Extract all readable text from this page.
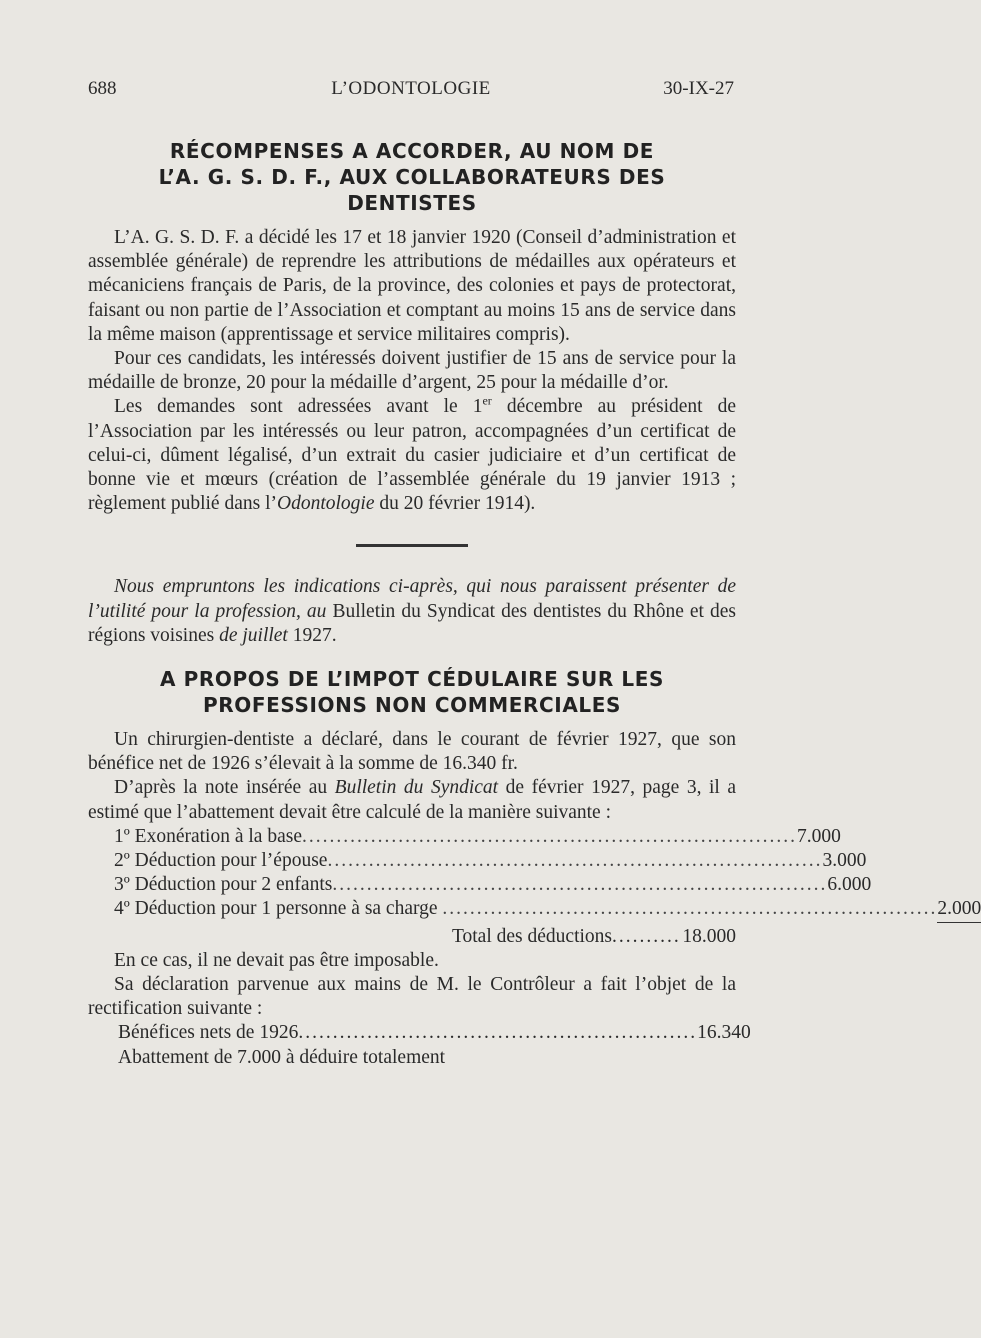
688	L’ODONTOLOGIE	30-IX-27
RÉCOMPENSES A ACCORDER, AU NOM DE
L’A. G. S. D. F., AUX COLLABORATEURS DES
DENTISTES

L’A. G. S. D. F. a décidé les 17 et 18 janvier 1920 (Conseil d’administration et assemblée générale) de reprendre les attributions de médailles aux opérateurs et mécaniciens français de Paris, de la province, des colonies et pays de protectorat, faisant ou non partie de l’Association et comptant au moins 15 ans de service dans la même maison (apprentissage et service militaires compris).

Pour ces candidats, les intéressés doivent justifier de 15 ans de service pour la médaille de bronze, 20 pour la médaille d’argent, 25 pour la médaille d’or.

Les demandes sont adressées avant le 1er décembre au président de l’Association par les intéressés ou leur patron, accompagnées d’un certificat de celui-ci, dûment légalisé, d’un extrait du casier judiciaire et d’un certificat de bonne vie et mœurs (création de l’assemblée générale du 19 janvier 1913 ; règlement publié dans l’Odontologie du 20 février 1914).

Nous empruntons les indications ci-après, qui nous paraissent présenter de l’utilité pour la profession, au Bulletin du Syndicat des dentistes du Rhône et des régions voisines de juillet 1927.

A PROPOS DE L’IMPOT CÉDULAIRE SUR LES
PROFESSIONS NON COMMERCIALES

Un chirurgien-dentiste a déclaré, dans le courant de février 1927, que son bénéfice net de 1926 s’élevait à la somme de 16.340 fr.

D’après la note insérée au Bulletin du Syndicat de février 1927, page 3, il a estimé que l’abattement devait être calculé de la manière suivante :

1º Exonération à la base ........................................................................ 7.000
2º Déduction pour l’épouse ........................................................................ 3.000
3º Déduction pour 2 enfants ........................................................................ 6.000
4º Déduction pour 1 personne à sa charge ........................................................................ 2.000
Total des déductions .......... 18.000

En ce cas, il ne devait pas être imposable.

Sa déclaration parvenue aux mains de M. le Contrôleur a fait l’objet de la rectification suivante :

Bénéfices nets de 1926 .......................................................... 16.340
Abattement de 7.000 à déduire totalement
